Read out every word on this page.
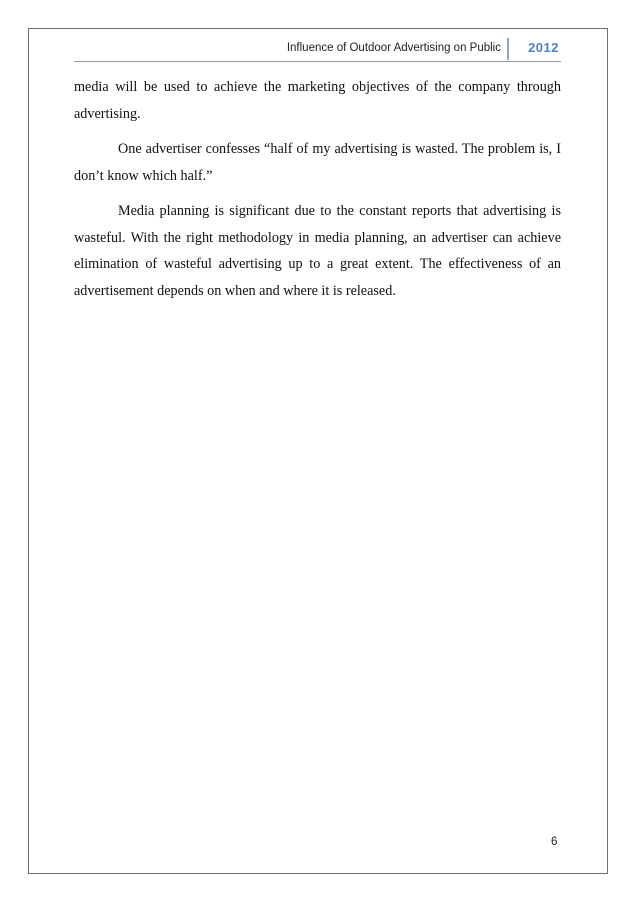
Influence of Outdoor Advertising on Public 2012

media will be used to achieve the marketing objectives of the company through advertising.

One advertiser confesses “half of my advertising is wasted. The problem is, I don’t know which half.”

Media planning is significant due to the constant reports that advertising is wasteful. With the right methodology in media planning, an advertiser can achieve elimination of wasteful advertising up to a great extent. The effectiveness of an advertisement depends on when and where it is released.

6
